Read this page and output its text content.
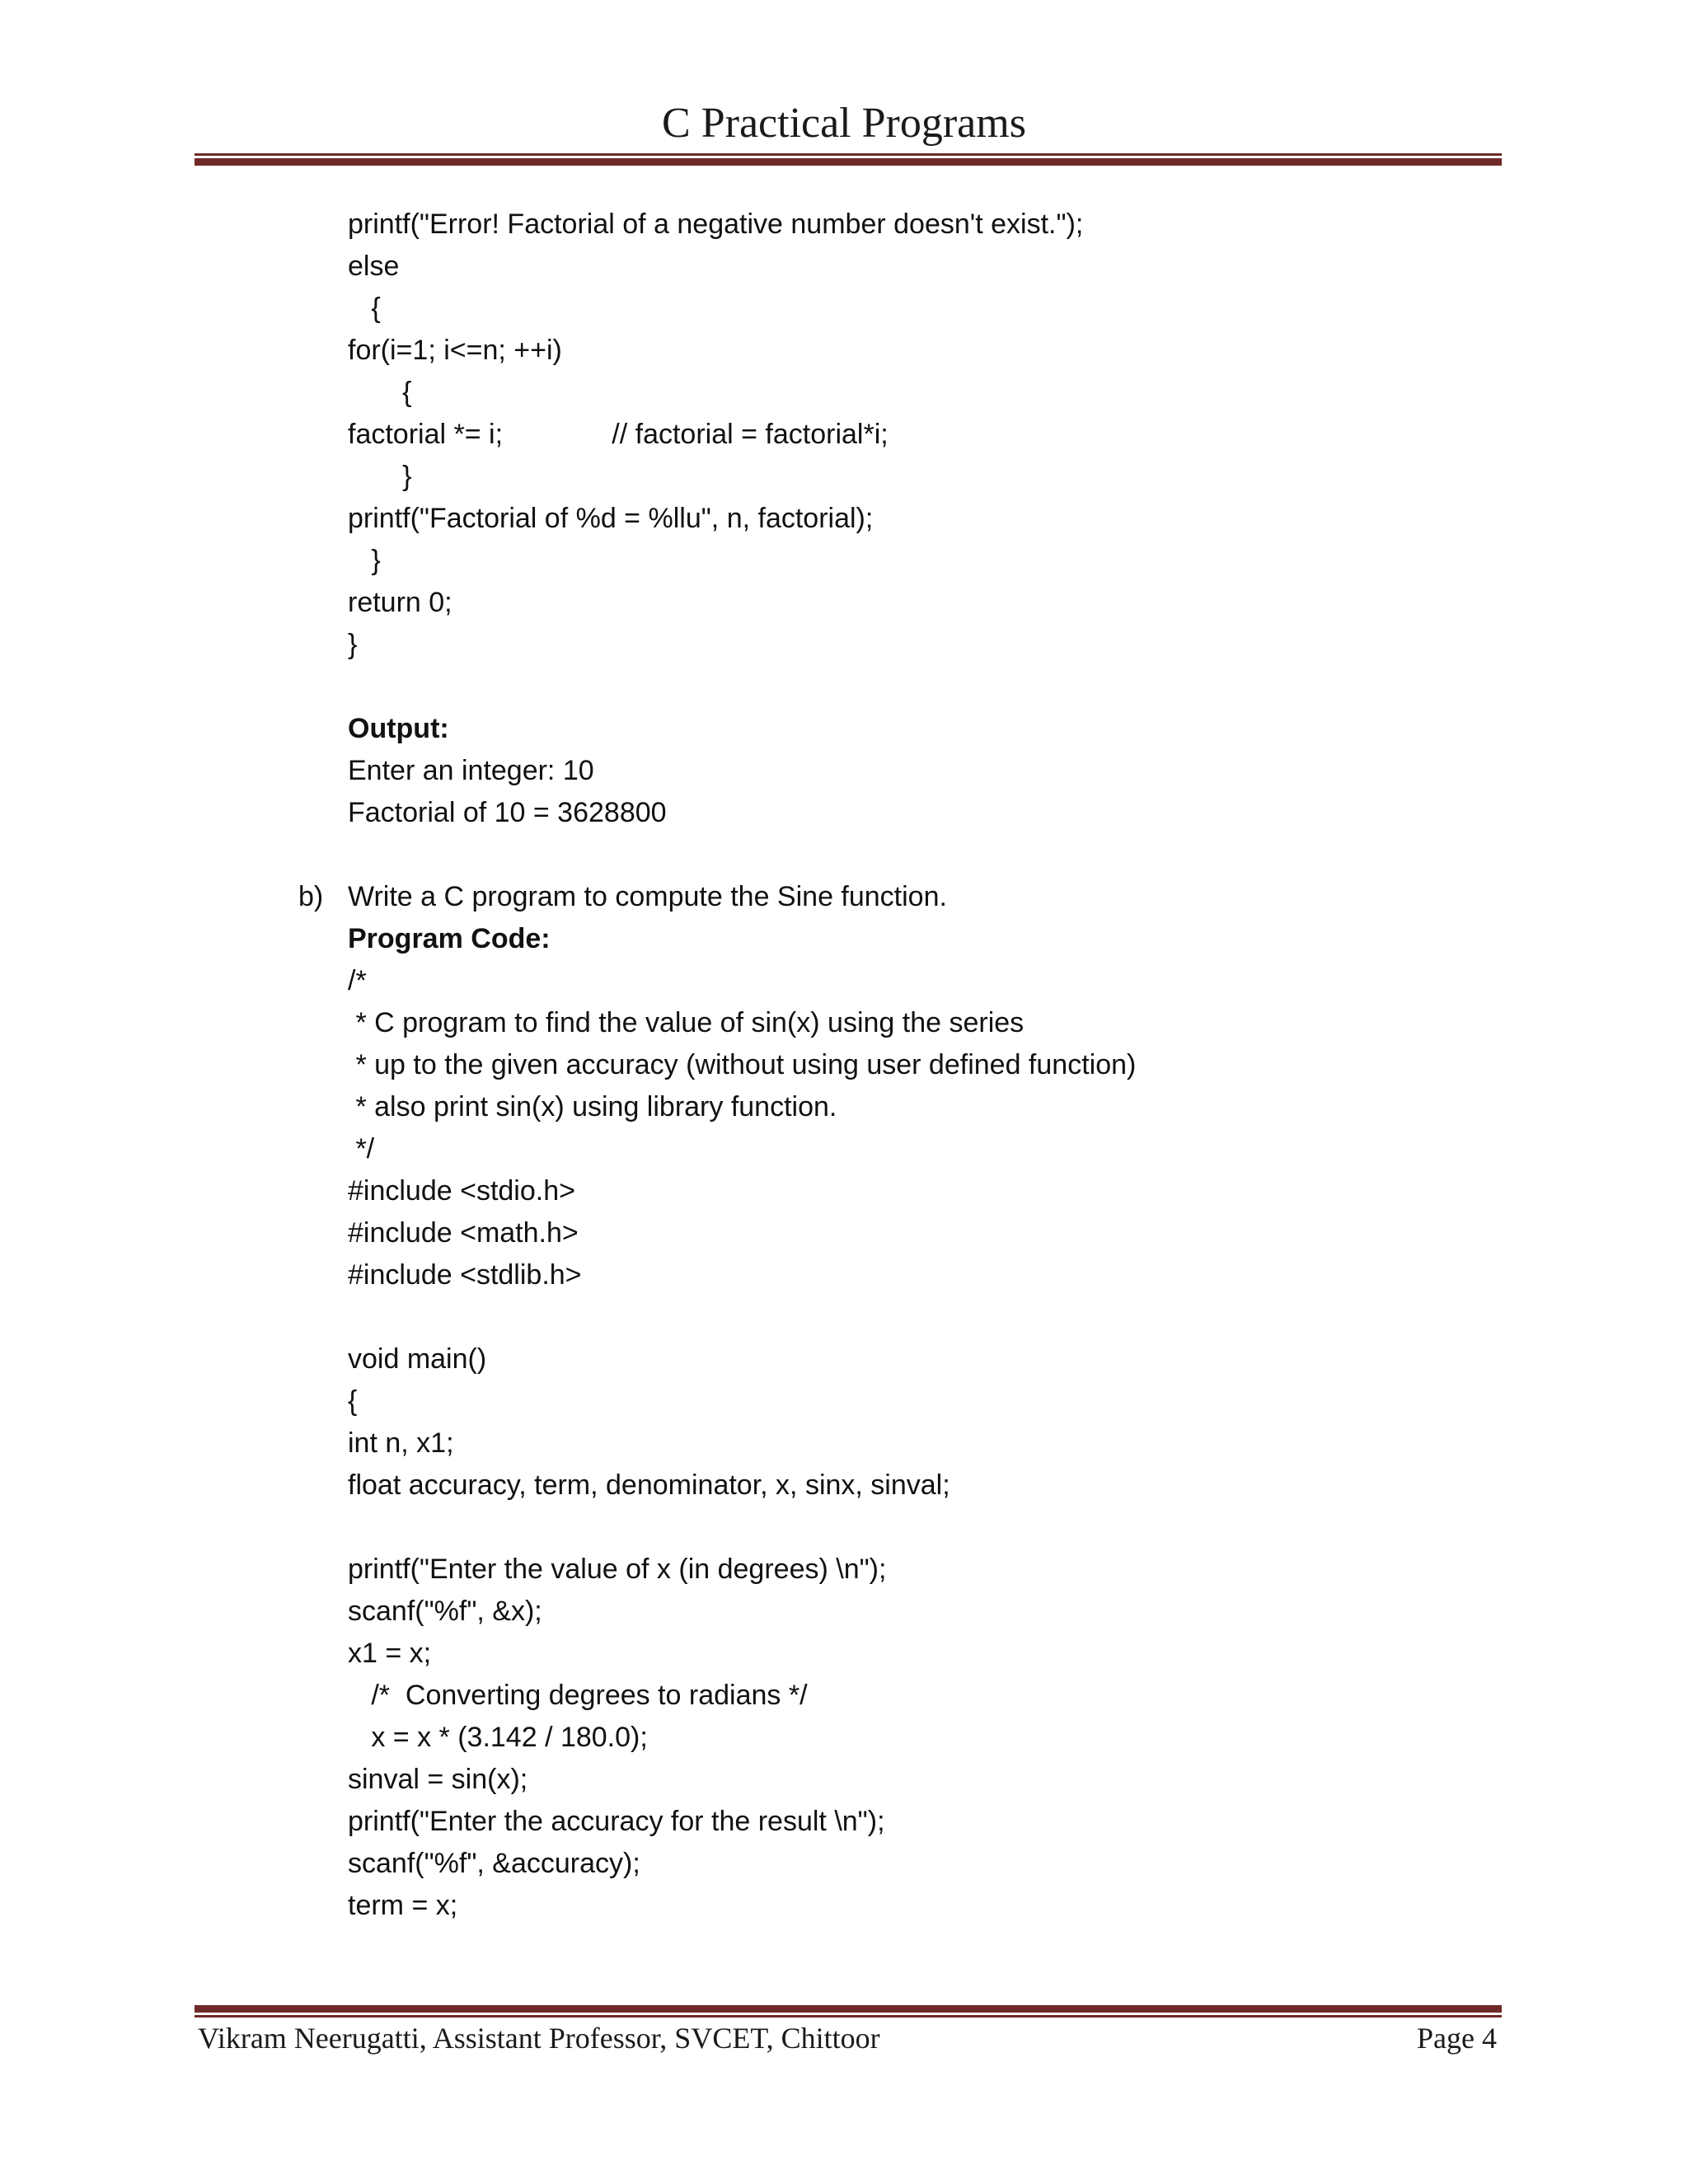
C Practical Programs
printf("Error! Factorial of a negative number doesn't exist.");
else
{
for(i=1; i<=n; ++i)
{
factorial *= i;              // factorial = factorial*i;
}
printf("Factorial of %d = %llu", n, factorial);
}
return 0;
}
Output:
Enter an integer: 10
Factorial of 10 = 3628800
b) Write a C program to compute the Sine function.
Program Code:
/*
* C program to find the value of sin(x) using the series
* up to the given accuracy (without using user defined function)
* also print sin(x) using library function.
*/
#include <stdio.h>
#include <math.h>
#include <stdlib.h>
void main()
{
int n, x1;
float accuracy, term, denominator, x, sinx, sinval;
printf("Enter the value of x (in degrees) \n");
scanf("%f", &x);
x1 = x;
/*  Converting degrees to radians */
x = x * (3.142 / 180.0);
sinval = sin(x);
printf("Enter the accuracy for the result \n");
scanf("%f", &accuracy);
term = x;
Vikram Neerugatti, Assistant Professor, SVCET, Chittoor	Page 4
